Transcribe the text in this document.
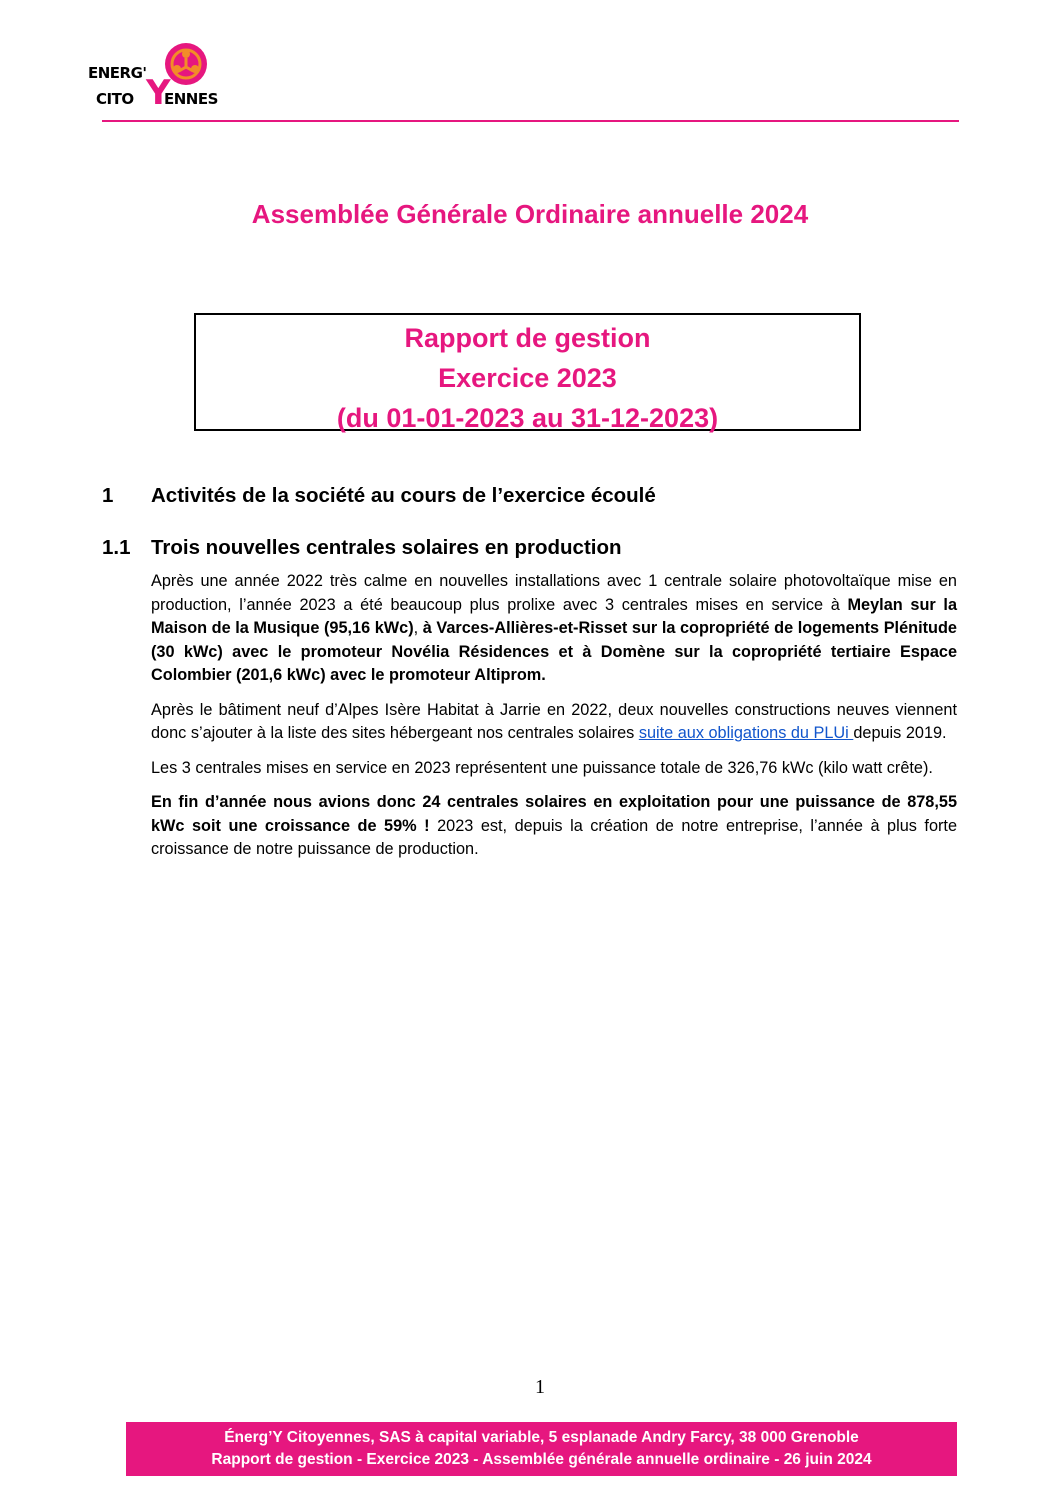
ENERG'
CITO Y
ENNES
Assemblée Générale Ordinaire annuelle 2024
Rapport de gestion
Exercice 2023
(du 01-01-2023 au 31-12-2023)
1 Activités de la société au cours de l’exercice écoulé
1.1 Trois nouvelles centrales solaires en production

Après une année 2022 très calme en nouvelles installations avec 1 centrale solaire photovoltaïque mise en production, l’année 2023 a été beaucoup plus prolixe avec 3 centrales mises en service à Meylan sur la Maison de la Musique (95,16 kWc), à Varces-Allières-et-Risset sur la copropriété de logements Plénitude (30 kWc) avec le promoteur Novélia Résidences et à Domène sur la copropriété tertiaire Espace Colombier (201,6 kWc) avec le promoteur Altiprom.

Après le bâtiment neuf d’Alpes Isère Habitat à Jarrie en 2022, deux nouvelles constructions neuves viennent donc s’ajouter à la liste des sites hébergeant nos centrales solaires suite aux obligations du PLUi depuis 2019.

Les 3 centrales mises en service en 2023 représentent une puissance totale de 326,76 kWc (kilo watt crête).

En fin d’année nous avions donc 24 centrales solaires en exploitation pour une puissance de 878,55 kWc soit une croissance de 59% ! 2023 est, depuis la création de notre entreprise, l’année à plus forte croissance de notre puissance de production.

1
Énerg’Y Citoyennes, SAS à capital variable, 5 esplanade Andry Farcy, 38 000 Grenoble
Rapport de gestion - Exercice 2023 - Assemblée générale annuelle ordinaire - 26 juin 2024
